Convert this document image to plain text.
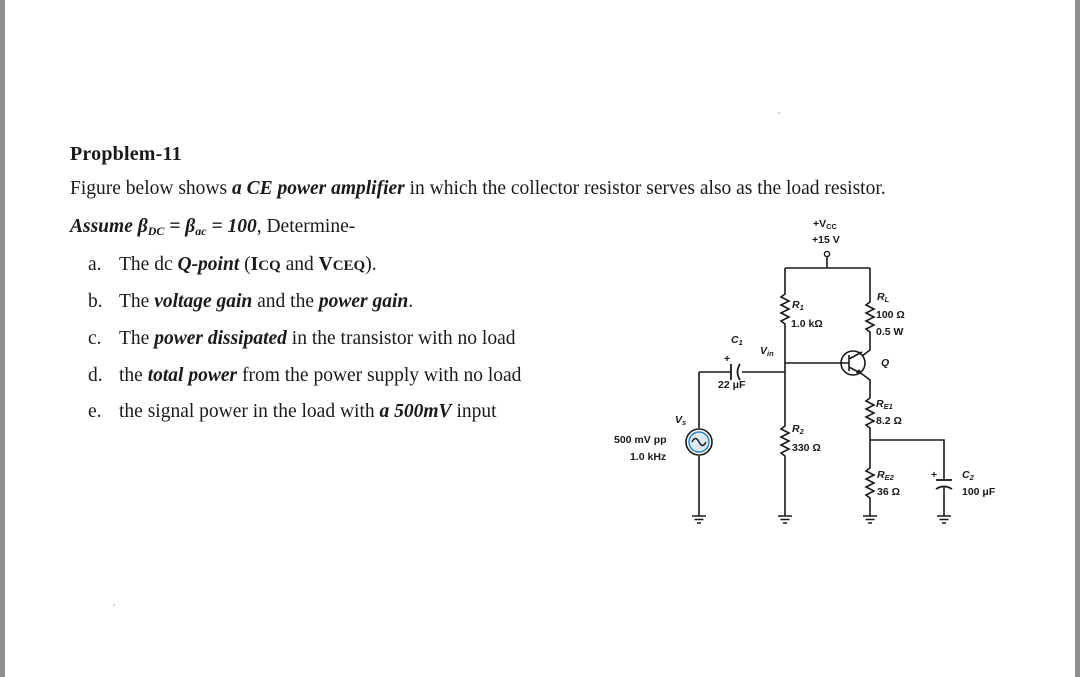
Propblem-11
Figure below shows a CE power amplifier in which the collector resistor serves also as the load resistor.
Assume $\beta_{DC} = \beta_{ac} = 100$, Determine-
a. The dc Q-point (ICQ and VCEQ).
b. The voltage gain and the power gain.
c. The power dissipated in the transistor with no load
d. the total power from the power supply with no load
e. the signal power in the load with a 500mV input
+VCC
+15 V
R1
1.0 kΩ
RL
100 Ω
0.5 W
Q
RE1
8.2 Ω
RE2
36 Ω
+ C2
100 μF
R2
330 Ω
+
C1
22 μF
Vin
Vs
500 mV pp
1.0 kHz
